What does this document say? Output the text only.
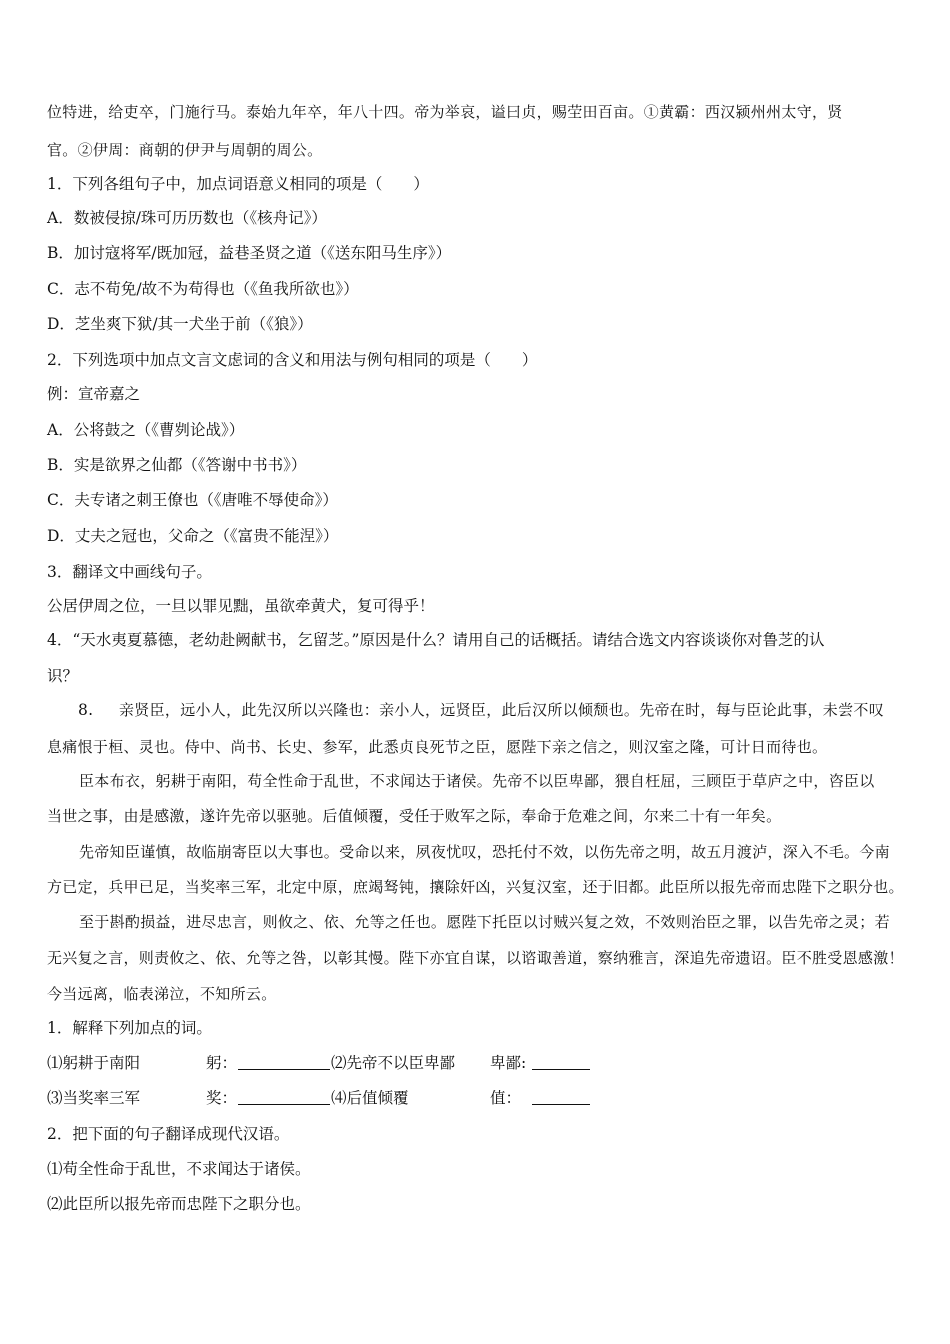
位特进，给吏卒，门施行马。泰始九年卒，年八十四。帝为举哀，谥曰贞，赐茔田百亩。①黄霸：西汉颍州州太守，贤
官。②伊周：商朝的伊尹与周朝的周公。
1．下列各组句子中，加点词语意义相同的项是（　　）
A．数被侵掠/珠可历历数也（《核舟记》）
B．加讨寇将军/既加冠，益巷圣贤之道（《送东阳马生序》）
C．志不苟免/故不为苟得也（《鱼我所欲也》）
D．芝坐爽下狱/其一犬坐于前（《狼》）
2．下列选项中加点文言文虑词的含义和用法与例句相同的项是（　　）
例：宣帝嘉之
A．公将鼓之（《曹刿论战》）
B．实是欲界之仙都（《答谢中书书》）
C．夫专诸之刺王僚也（《唐唯不辱使命》）
D．丈夫之冠也，父命之（《富贵不能涅》）
3．翻译文中画线句子。
公居伊周之位，一旦以罪见黜，虽欲牵黄犬，复可得乎！
4．“天水夷夏慕德，老幼赴阙献书，乞留芝。”原因是什么？请用自己的话概括。请结合选文内容谈谈你对鲁芝的认
识？
8. 亲贤臣，远小人，此先汉所以兴隆也：亲小人，远贤臣，此后汉所以倾颓也。先帝在时，每与臣论此事，未尝不叹
息痛恨于桓、灵也。侍中、尚书、长史、参军，此悉贞良死节之臣，愿陛下亲之信之，则汉室之隆，可计日而待也。
臣本布衣，躬耕于南阳，苟全性命于乱世，不求闻达于诸侯。先帝不以臣卑鄙，猥自枉屈，三顾臣于草庐之中，咨臣以
当世之事，由是感激，遂许先帝以驱驰。后值倾覆，受任于败军之际，奉命于危难之间，尔来二十有一年矣。
先帝知臣谨慎，故临崩寄臣以大事也。受命以来，夙夜忧叹，恐托付不效，以伤先帝之明，故五月渡泸，深入不毛。今南
方已定，兵甲已足，当奖率三军，北定中原，庶竭驽钝，攘除奸凶，兴复汉室，还于旧都。此臣所以报先帝而忠陛下之职分也。
至于斟酌损益，进尽忠言，则攸之、依、允等之任也。愿陛下托臣以讨贼兴复之效，不效则治臣之罪，以告先帝之灵；若
无兴复之言，则责攸之、依、允等之咎，以彰其慢。陛下亦宜自谋，以谘诹善道，察纳雅言，深追先帝遗诏。臣不胜受恩感激！
今当远离，临表涕泣，不知所云。
1．解释下列加点的词。
⑴躬耕于南阳	躬：	⑵先帝不以臣卑鄙 卑鄙:
⑶当奖率三军	奖：	⑷后值倾覆	值：
2．把下面的句子翻译成现代汉语。
⑴苟全性命于乱世，不求闻达于诸侯。
⑵此臣所以报先帝而忠陛下之职分也。
